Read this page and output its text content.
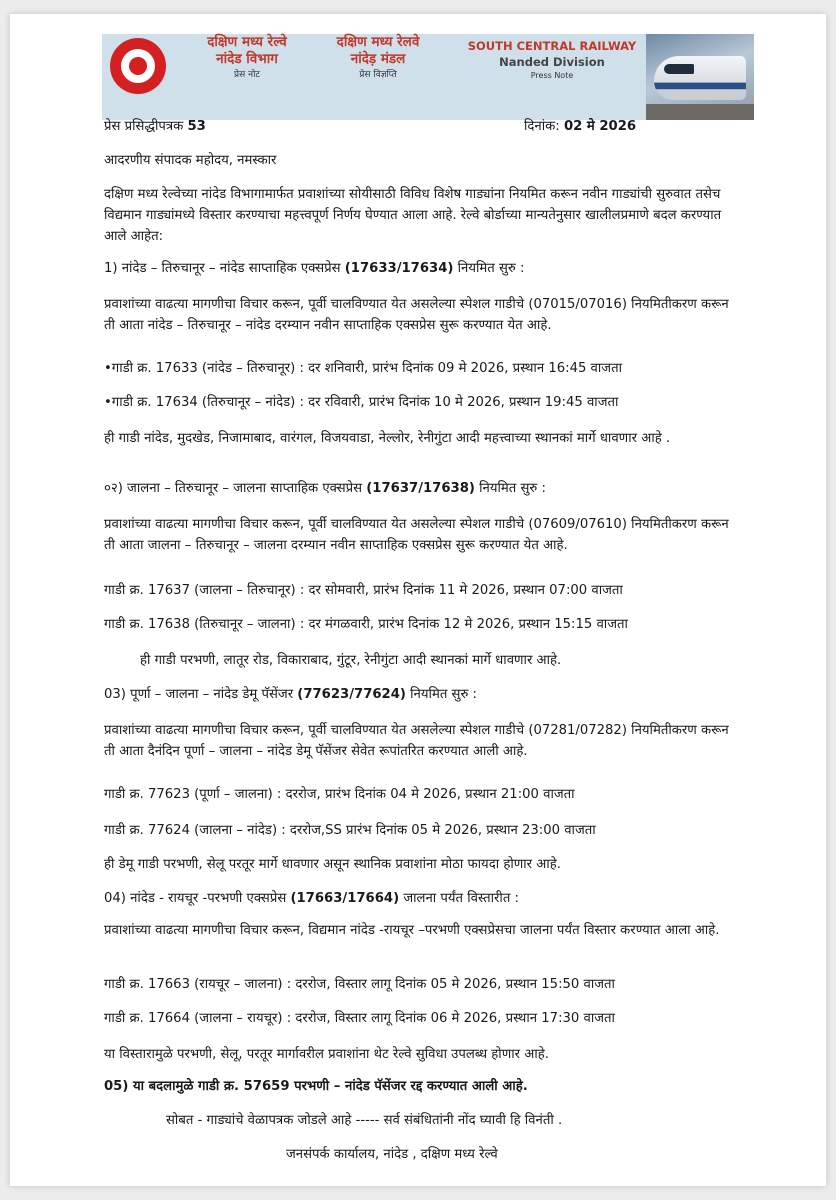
दक्षिण मध्य रेल्वे
नांदेड विभाग
प्रेस नोट
दक्षिण मध्य रेलवे
नांदेड़ मंडल
प्रेस विज्ञप्ति
SOUTH CENTRAL RAILWAY
Nanded Division
Press Note
प्रेस प्रसिद्धीपत्रक 53	दिनांक: 02 मे 2026
आदरणीय संपादक महोदय, नमस्कार
दक्षिण मध्य रेल्वेच्या नांदेड विभागामार्फत प्रवाशांच्या सोयीसाठी विविध विशेष गाड्यांना नियमित करून नवीन गाड्यांची सुरुवात तसेच विद्यमान गाड्यांमध्ये विस्तार करण्याचा महत्त्वपूर्ण निर्णय घेण्यात आला आहे. रेल्वे बोर्डाच्या मान्यतेनुसार खालीलप्रमाणे बदल करण्यात आले आहेत:
1) नांदेड – तिरुचानूर – नांदेड साप्ताहिक एक्सप्रेस (17633/17634) नियमित सुरु :
प्रवाशांच्या वाढत्या मागणीचा विचार करून, पूर्वी चालविण्यात येत असलेल्या स्पेशल गाडीचे (07015/07016) नियमितीकरण करून ती आता नांदेड – तिरुचानूर – नांदेड दरम्यान नवीन साप्ताहिक एक्सप्रेस सुरू करण्यात येत आहे.
•गाडी क्र. 17633 (नांदेड – तिरुचानूर) : दर शनिवारी, प्रारंभ दिनांक 09 मे 2026, प्रस्थान 16:45 वाजता
•गाडी क्र. 17634 (तिरुचानूर – नांदेड) : दर रविवारी, प्रारंभ दिनांक 10 मे 2026, प्रस्थान 19:45 वाजता
ही गाडी नांदेड, मुदखेड, निजामाबाद, वारंगल, विजयवाडा, नेल्लोर, रेनीगुंटा आदी महत्त्वाच्या स्थानकां मार्गे धावणार आहे .
०२) जालना – तिरुचानूर – जालना साप्ताहिक एक्सप्रेस (17637/17638) नियमित सुरु :
प्रवाशांच्या वाढत्या मागणीचा विचार करून, पूर्वी चालविण्यात येत असलेल्या स्पेशल गाडीचे (07609/07610) नियमितीकरण करून ती आता जालना – तिरुचानूर – जालना दरम्यान नवीन साप्ताहिक एक्सप्रेस सुरू करण्यात येत आहे.
गाडी क्र. 17637 (जालना – तिरुचानूर) : दर सोमवारी, प्रारंभ दिनांक 11 मे 2026, प्रस्थान 07:00 वाजता
गाडी क्र. 17638 (तिरुचानूर – जालना) : दर मंगळवारी, प्रारंभ दिनांक 12 मे 2026, प्रस्थान 15:15 वाजता
ही गाडी परभणी, लातूर रोड, विकाराबाद, गुंटूर, रेनीगुंटा आदी स्थानकां मार्गे धावणार आहे.
03) पूर्णा – जालना – नांदेड डेमू पॅसेंजर (77623/77624) नियमित सुरु :
प्रवाशांच्या वाढत्या मागणीचा विचार करून, पूर्वी चालविण्यात येत असलेल्या स्पेशल गाडीचे (07281/07282) नियमितीकरण करून ती आता दैनंदिन पूर्णा – जालना – नांदेड डेमू पॅसेंजर सेवेत रूपांतरित करण्यात आली आहे.
गाडी क्र. 77623 (पूर्णा – जालना) : दररोज, प्रारंभ दिनांक 04 मे 2026, प्रस्थान 21:00 वाजता
गाडी क्र. 77624 (जालना – नांदेड) : दररोज,SS प्रारंभ दिनांक 05 मे 2026, प्रस्थान 23:00 वाजता
ही डेमू गाडी परभणी, सेलू परतूर मार्गे धावणार असून स्थानिक प्रवाशांना मोठा फायदा होणार आहे.
04) नांदेड - रायचूर -परभणी एक्सप्रेस (17663/17664) जालना पर्यंत विस्तारीत :
प्रवाशांच्या वाढत्या मागणीचा विचार करून, विद्यमान नांदेड -रायचूर –परभणी एक्सप्रेसचा जालना पर्यंत विस्तार करण्यात आला आहे.
गाडी क्र. 17663 (रायचूर – जालना) : दररोज, विस्तार लागू दिनांक 05 मे 2026, प्रस्थान 15:50 वाजता
गाडी क्र. 17664 (जालना – रायचूर) : दररोज, विस्तार लागू दिनांक 06 मे 2026, प्रस्थान 17:30 वाजता
या विस्तारामुळे परभणी, सेलू, परतूर मार्गावरील प्रवाशांना थेट रेल्वे सुविधा उपलब्ध होणार आहे.
05) या बदलामुळे गाडी क्र. 57659 परभणी – नांदेड पॅसेंजर रद्द करण्यात आली आहे.
सोबत - गाड्यांचे वेळापत्रक जोडले आहे ----- सर्व संबंधितांनी नोंद घ्यावी हि विनंती .
जनसंपर्क कार्यालय, नांदेड , दक्षिण मध्य रेल्वे
